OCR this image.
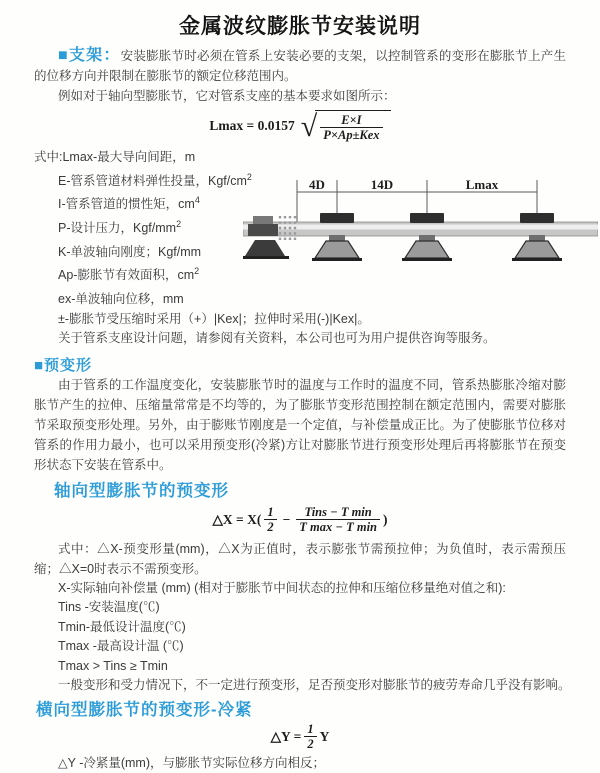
金属波纹膨胀节安装说明

■支架：安装膨胀节时必须在管系上安装必要的支架，以控制管系的变形在膨胀节上产生的位移方向并限制在膨胀节的额定位移范围内。

例如对于轴向型膨胀节，它对管系支座的基本要求如图所示：

Lmax = 0.0157 √ $\frac{E\times I}{\text{P×Ap±Kex}}$
式中:Lmax-最大导向间距，m
E-管系管道材料弹性投量，Kgf/$cm^2$
I-管系管道的惯性矩，$cm^4$
P-设计压力，Kgf/$mm^2$
K-单波轴向刚度；Kgf/mm
Ap-膨胀节有效面积，$cm^2$
ex-单波轴向位移，mm
±-膨胀节受压缩时采用（+）|Kex|；拉伸时采用(-)|Kex|。
关于管系支座设计问题，请参阅有关资料，本公司也可为用户提供咨询等服务。
4D	14D	Lmax
■预变形

由于管系的工作温度变化，安装膨胀节时的温度与工作时的温度不同，管系热膨胀冷缩对膨胀节产生的拉伸、压缩量常常是不均等的，为了膨胀节变形范围控制在额定范围内，需要对膨胀节采取预变形处理。另外，由于膨账节刚度是一个定值，与补偿量成正比。为了使膨胀节位移对管系的作用力最小，也可以采用预变形(冷紧)方让对膨胀节进行预变形处理后再将膨胀节在预变形状态下安装在管系中。

轴向型膨胀节的预变形
△X = $X( \frac{1}{2} - \frac{\text{Tins − T min}}{\text{T max − T min}}$ )

式中：△X-预变形量(mm)，△X为正值时，表示膨张节需预拉伸；为负值时，表示需预压缩；△X=0时表示不需预变形。

X-实际轴向补偿量 (mm) (相对于膨胀节中间状态的拉伸和压缩位移量绝对值之和):
Tins -安装温度(℃)
Tmin-最低设计温度(℃)
Tmax -最高设计温 (℃)
Tmax > Tins ≥ Tmin
一般变形和受力情况下，不一定进行预变形，足否预变形对膨胀节的疲劳寿命几乎没有影响。
横向型膨胀节的预变形-冷紧
△Y = $\frac{1}{2}$ Y
△Y -冷紧量(mm)，与膨胀节实际位移方向相反；
